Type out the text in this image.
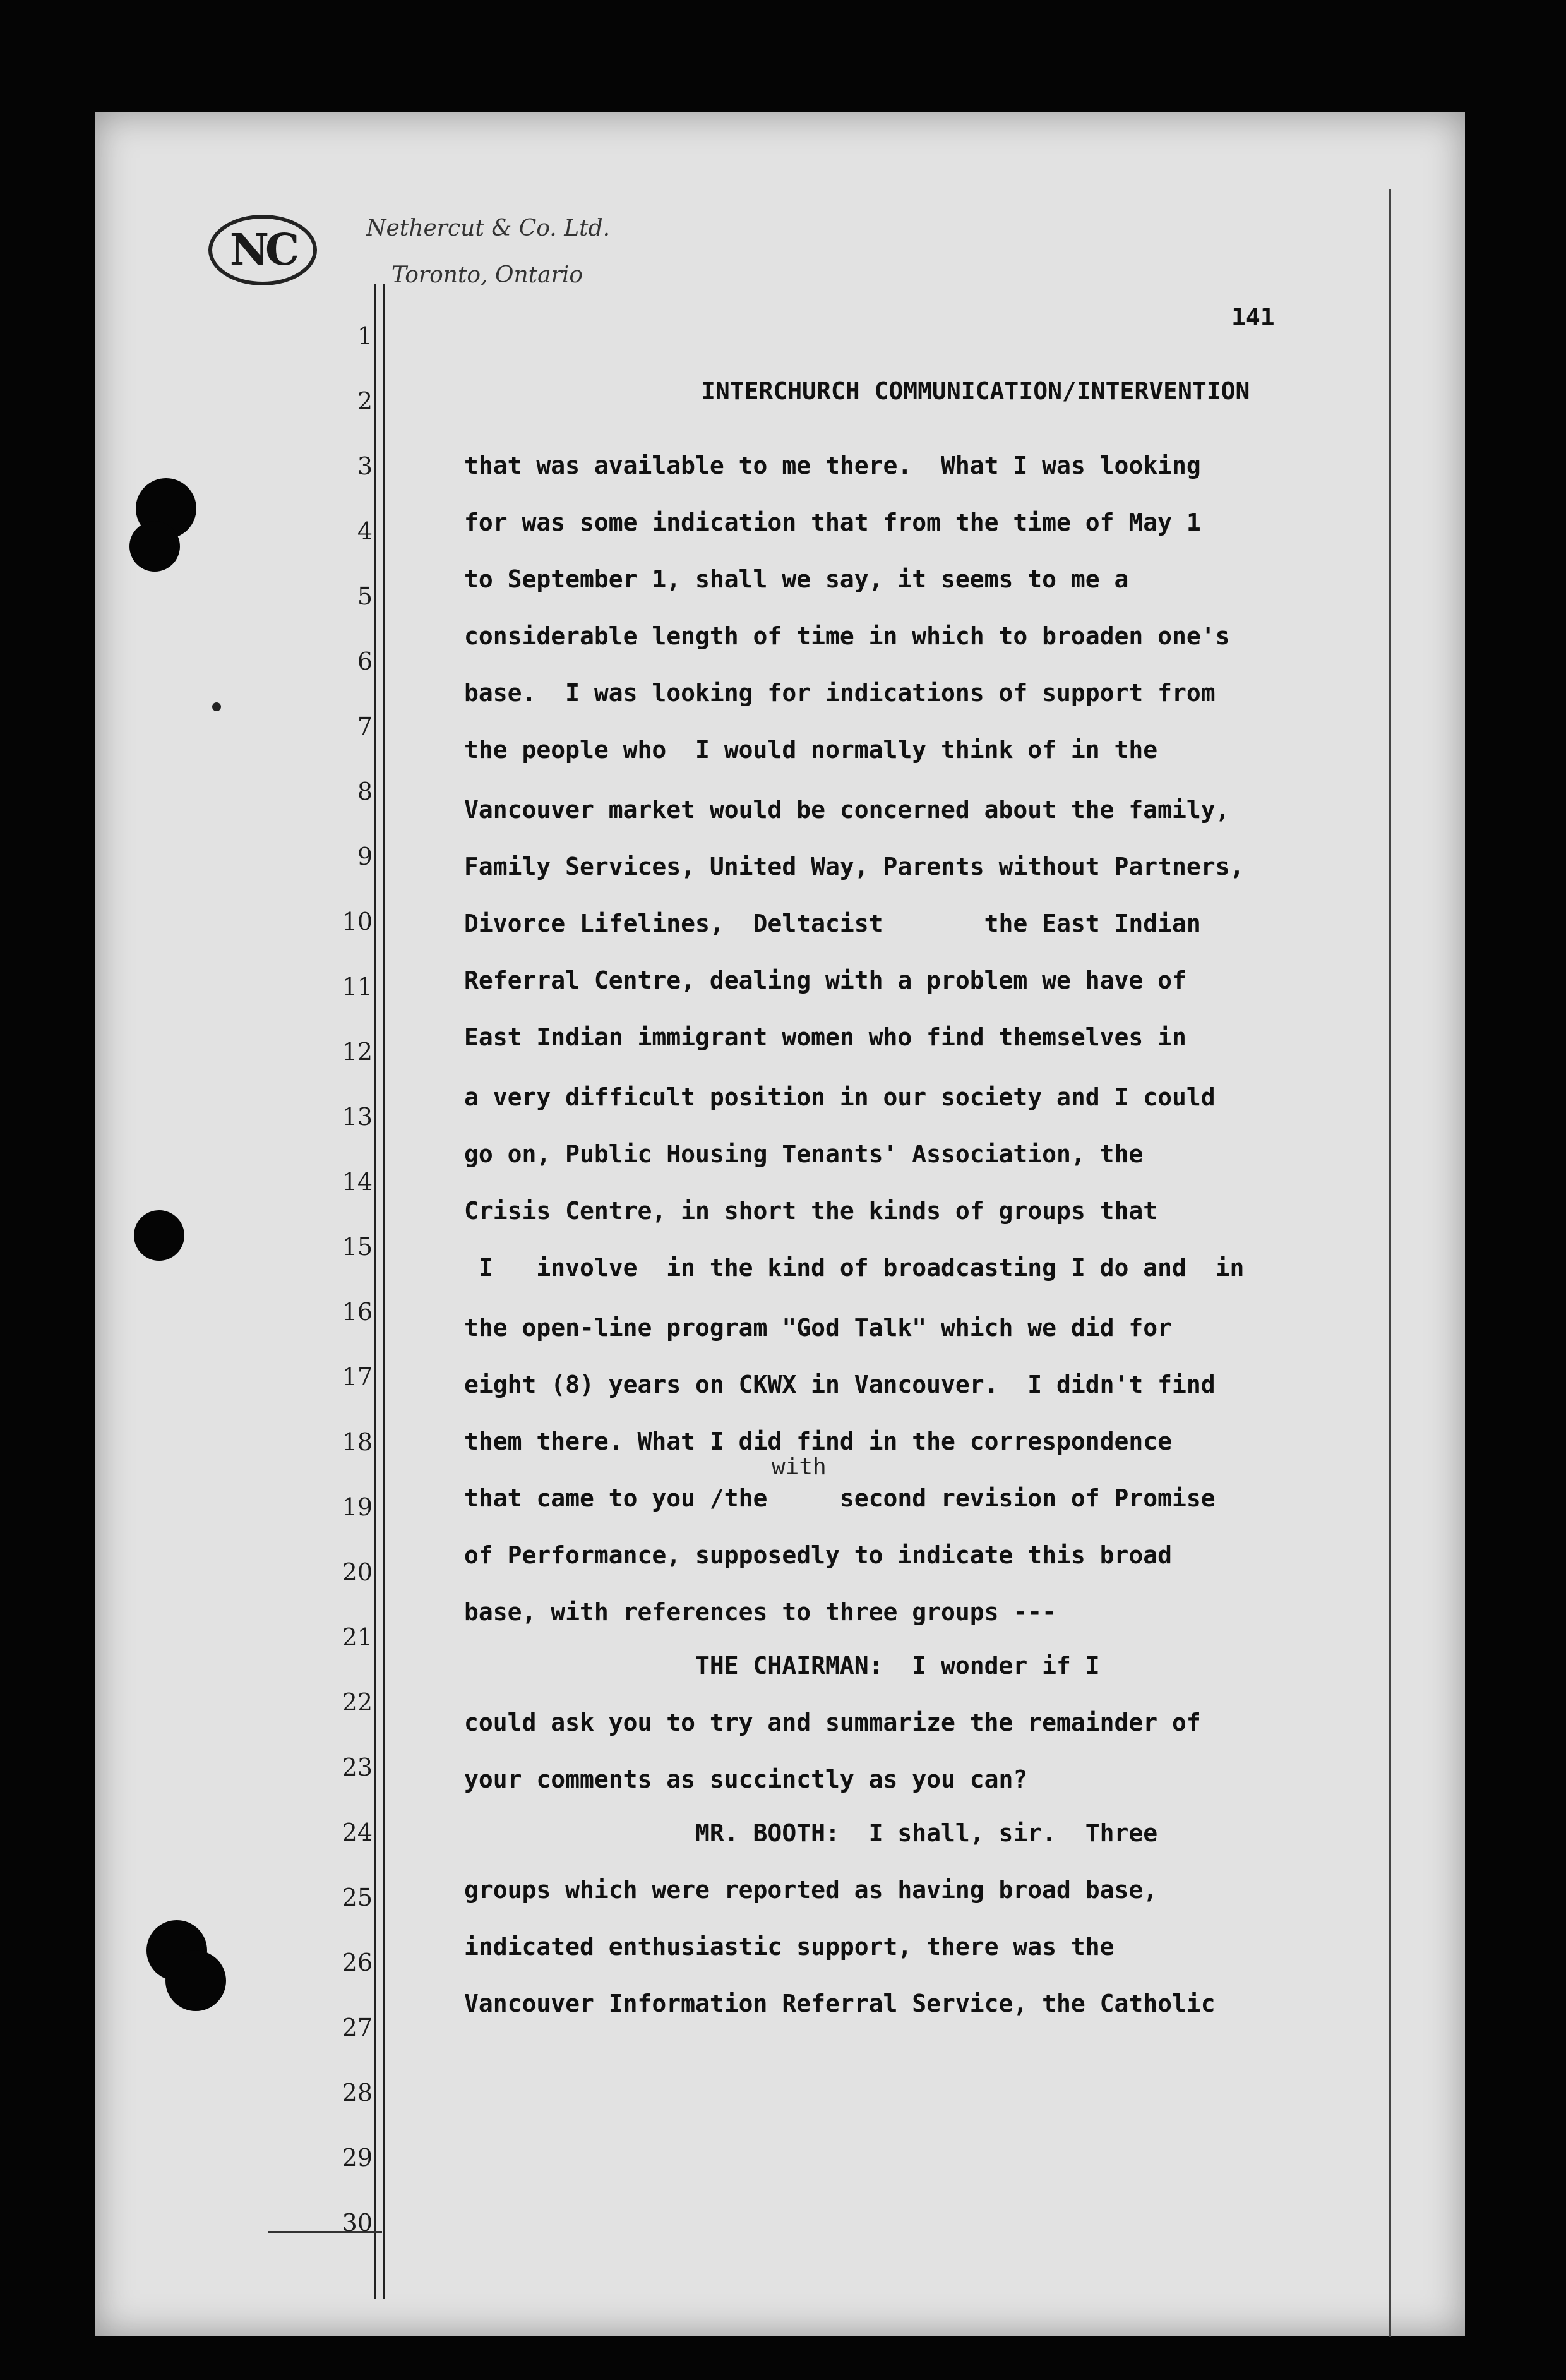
NC	Nethercut & Co. Ltd.
Toronto, Ontario
1
2
3
4
5
6
7
8
9
10
11
12
13
14
15
16
17
18
19
20
21
22
23
24
25
26
27
28
29
30
141
INTERCHURCH COMMUNICATION/INTERVENTION
that was available to me there.  What I was looking
for was some indication that from the time of May 1
to September 1, shall we say, it seems to me a
considerable length of time in which to broaden one's
base.  I was looking for indications of support from
the people who  I would normally think of in the
Vancouver market would be concerned about the family,
Family Services, United Way, Parents without Partners,
Divorce Lifelines,  Deltacist       the East Indian
Referral Centre, dealing with a problem we have of
East Indian immigrant women who find themselves in
a very difficult position in our society and I could
go on, Public Housing Tenants' Association, the
Crisis Centre, in short the kinds of groups that
I   involve  in the kind of broadcasting I do and  in
the open-line program "God Talk" which we did for
eight (8) years on CKWX in Vancouver.  I didn't find
them there. What I did find in the correspondence
that came to you /the     second revision of Promise
of Performance, supposedly to indicate this broad
base, with references to three groups ---
THE CHAIRMAN:  I wonder if I
could ask you to try and summarize the remainder of
your comments as succinctly as you can?
MR. BOOTH:  I shall, sir.  Three
groups which were reported as having broad base,
indicated enthusiastic support, there was the
Vancouver Information Referral Service, the Catholic
with
